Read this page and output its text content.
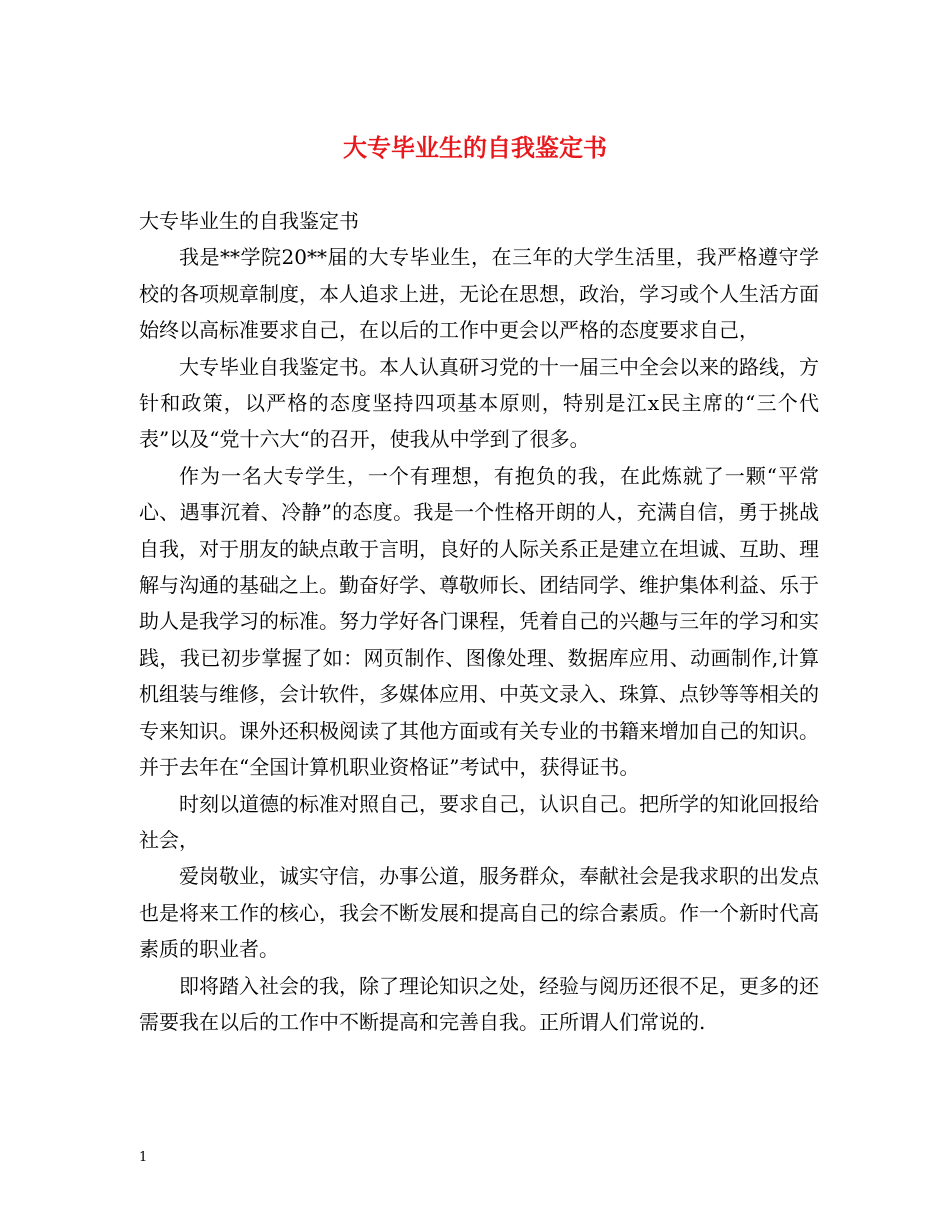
大专毕业生的自我鉴定书

大专毕业生的自我鉴定书

我是**学院20**届的大专毕业生，在三年的大学生活里，我严格遵守学校的各项规章制度，本人追求上进，无论在思想，政治，学习或个人生活方面始终以高标准要求自己，在以后的工作中更会以严格的态度要求自己，

大专毕业自我鉴定书。本人认真研习党的十一届三中全会以来的路线，方针和政策，以严格的态度坚持四项基本原则，特别是江x民主席的“三个代表”以及“党十六大“的召开，使我从中学到了很多。

作为一名大专学生，一个有理想，有抱负的我，在此炼就了一颗“平常心、遇事沉着、冷静”的态度。我是一个性格开朗的人，充满自信，勇于挑战自我，对于朋友的缺点敢于言明，良好的人际关系正是建立在坦诚、互助、理解与沟通的基础之上。勤奋好学、尊敬师长、团结同学、维护集体利益、乐于助人是我学习的标准。努力学好各门课程，凭着自己的兴趣与三年的学习和实践，我已初步掌握了如：网页制作、图像处理、数据库应用、动画制作,计算机组装与维修，会计软件，多媒体应用、中英文录入、珠算、点钞等等相关的专来知识。课外还积极阅读了其他方面或有关专业的书籍来增加自己的知识。并于去年在“全国计算机职业资格证”考试中，获得证书。

时刻以道德的标准对照自己，要求自己，认识自己。把所学的知讹回报给社会，

爱岗敬业，诚实守信，办事公道，服务群众，奉献社会是我求职的出发点也是将来工作的核心，我会不断发展和提高自己的综合素质。作一个新时代高素质的职业者。

即将踏入社会的我，除了理论知识之处，经验与阅历还很不足，更多的还需要我在以后的工作中不断提高和完善自我。正所谓人们常说的.

1
